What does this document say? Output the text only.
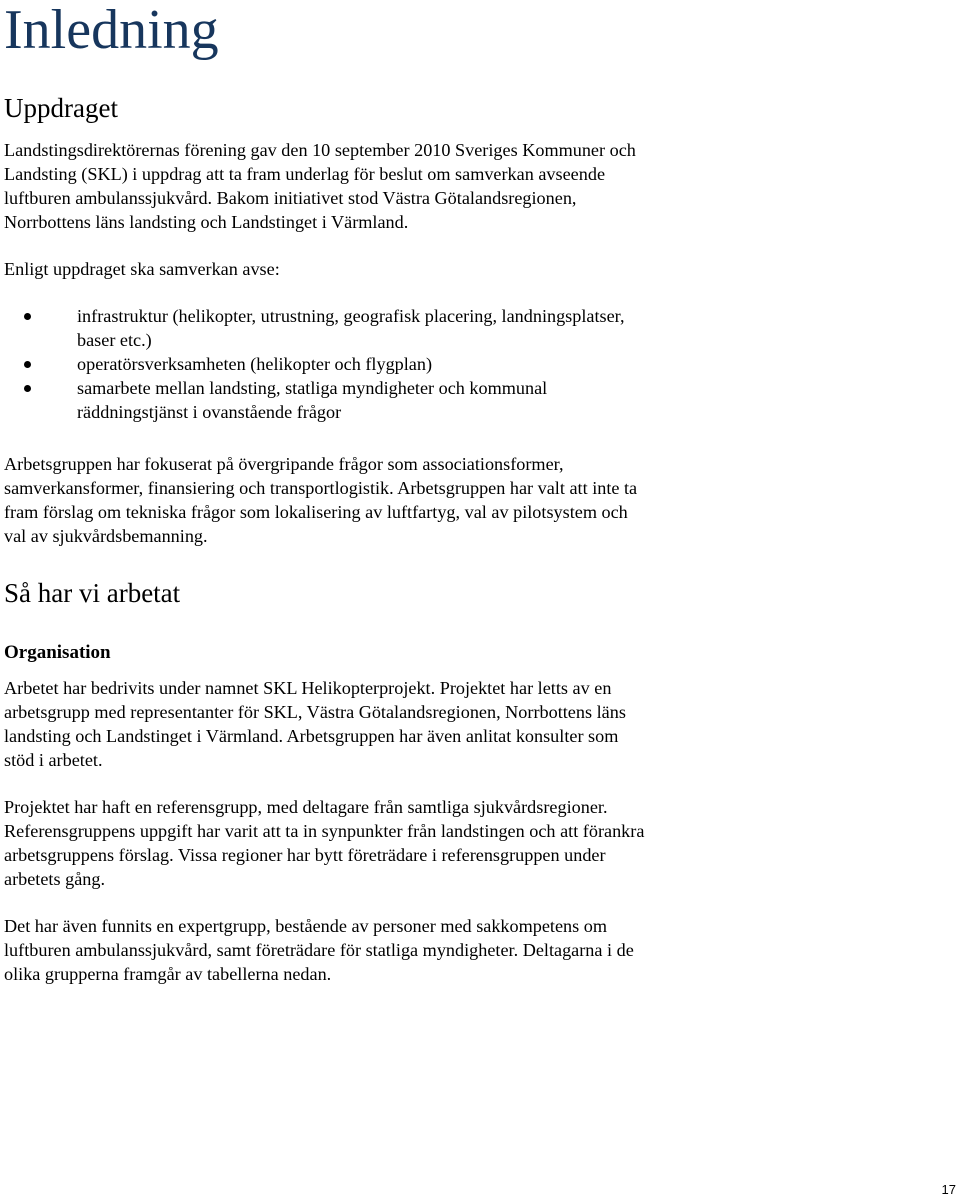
Inledning
Uppdraget

Landstingsdirektörernas förening gav den 10 september 2010 Sveriges Kommuner och
Landsting (SKL) i uppdrag att ta fram underlag för beslut om samverkan avseende
luftburen ambulanssjukvård. Bakom initiativet stod Västra Götalandsregionen,
Norrbottens läns landsting och Landstinget i Värmland.

Enligt uppdraget ska samverkan avse:

infrastruktur (helikopter, utrustning, geografisk placering, landningsplatser,
baser etc.)
operatörsverksamheten (helikopter och flygplan)
samarbete mellan landsting, statliga myndigheter och kommunal
räddningstjänst i ovanstående frågor

Arbetsgruppen har fokuserat på övergripande frågor som associationsformer,
samverkansformer, finansiering och transportlogistik. Arbetsgruppen har valt att inte ta
fram förslag om tekniska frågor som lokalisering av luftfartyg, val av pilotsystem och
val av sjukvårdsbemanning.

Så har vi arbetat
Organisation

Arbetet har bedrivits under namnet SKL Helikopterprojekt. Projektet har letts av en
arbetsgrupp med representanter för SKL, Västra Götalandsregionen, Norrbottens läns
landsting och Landstinget i Värmland. Arbetsgruppen har även anlitat konsulter som
stöd i arbetet.

Projektet har haft en referensgrupp, med deltagare från samtliga sjukvårdsregioner.
Referensgruppens uppgift har varit att ta in synpunkter från landstingen och att förankra
arbetsgruppens förslag. Vissa regioner har bytt företrädare i referensgruppen under
arbetets gång.

Det har även funnits en expertgrupp, bestående av personer med sakkompetens om
luftburen ambulanssjukvård, samt företrädare för statliga myndigheter. Deltagarna i de
olika grupperna framgår av tabellerna nedan.

17
